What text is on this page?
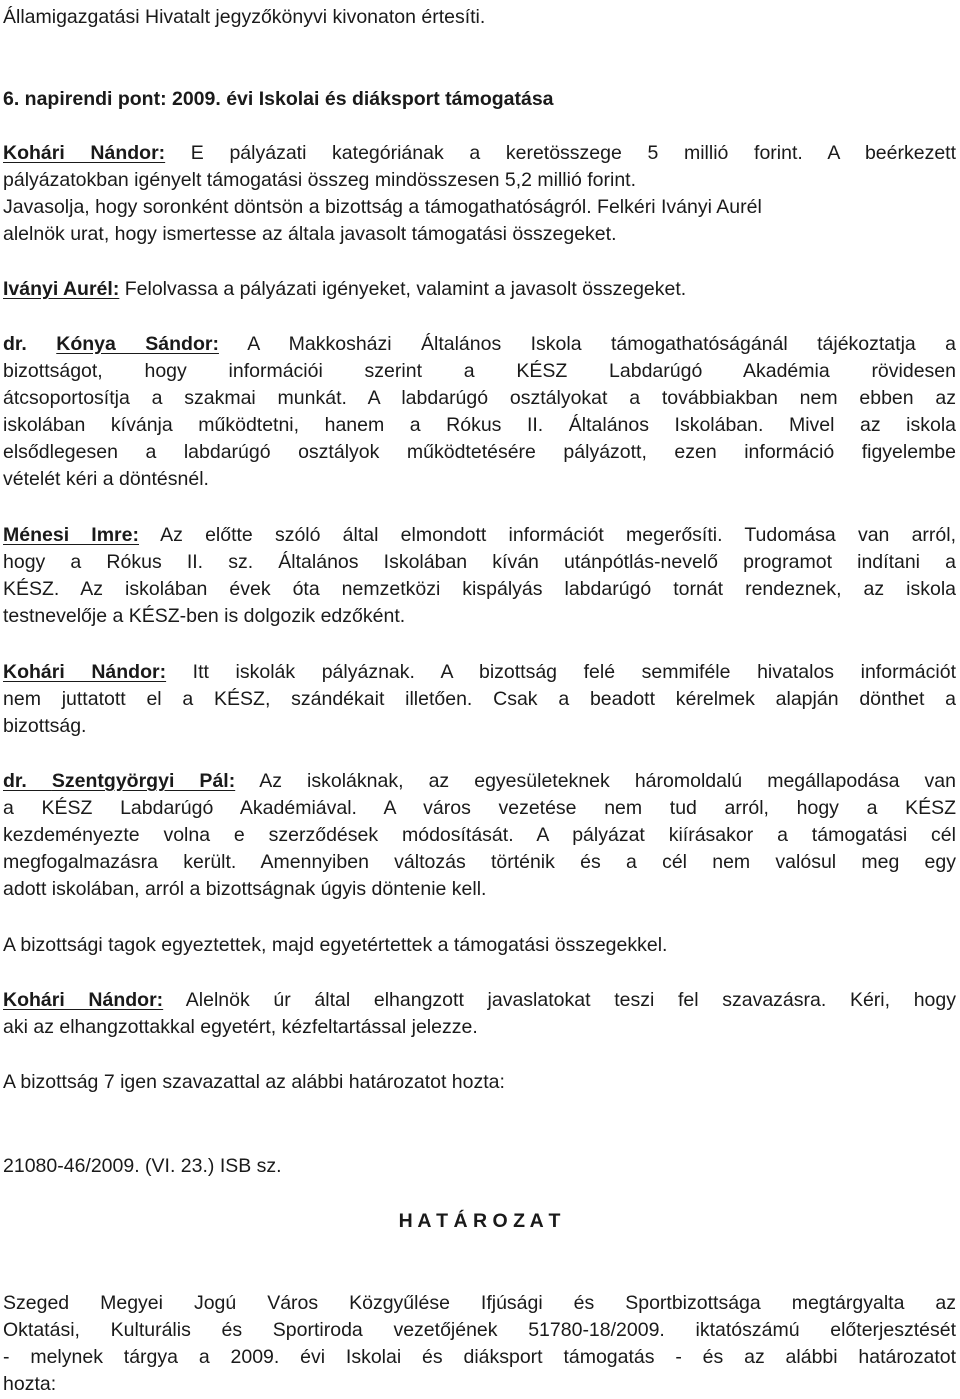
Államigazgatási Hivatalt jegyzőkönyvi kivonaton értesíti.
6. napirendi pont: 2009. évi Iskolai és diáksport támogatása
Kohári Nándor: E pályázati kategóriának a keretösszege 5 millió forint. A beérkezett
pályázatokban igényelt támogatási összeg mindösszesen 5,2 millió forint.
Javasolja, hogy soronként döntsön a bizottság a támogathatóságról. Felkéri Iványi Aurél
alelnök urat, hogy ismertesse az általa javasolt támogatási összegeket.
Iványi Aurél: Felolvassa a pályázati igényeket, valamint a javasolt összegeket.
dr. Kónya Sándor: A Makkosházi Általános Iskola támogathatóságánál tájékoztatja a
bizottságot, hogy információi szerint a KÉSZ Labdarúgó Akadémia rövidesen
átcsoportosítja a szakmai munkát. A labdarúgó osztályokat a továbbiakban nem ebben az
iskolában kívánja működtetni, hanem a Rókus II. Általános Iskolában. Mivel az iskola
elsődlegesen a labdarúgó osztályok működtetésére pályázott, ezen információ figyelembe
vételét kéri a döntésnél.
Ménesi Imre: Az előtte szóló által elmondott információt megerősíti. Tudomása van arról,
hogy a Rókus II. sz. Általános Iskolában kíván utánpótlás-nevelő programot indítani a
KÉSZ. Az iskolában évek óta nemzetközi kispályás labdarúgó tornát rendeznek, az iskola
testnevelője a KÉSZ-ben is dolgozik edzőként.
Kohári Nándor: Itt iskolák pályáznak. A bizottság felé semmiféle hivatalos információt
nem juttatott el a KÉSZ, szándékait illetően. Csak a beadott kérelmek alapján dönthet a
bizottság.
dr. Szentgyörgyi Pál: Az iskoláknak, az egyesületeknek háromoldalú megállapodása van
a KÉSZ Labdarúgó Akadémiával. A város vezetése nem tud arról, hogy a KÉSZ
kezdeményezte volna e szerződések módosítását. A pályázat kiírásakor a támogatási cél
megfogalmazásra került. Amennyiben változás történik és a cél nem valósul meg egy
adott iskolában, arról a bizottságnak úgyis döntenie kell.
A bizottsági tagok egyeztettek, majd egyetértettek a támogatási összegekkel.
Kohári Nándor: Alelnök úr által elhangzott javaslatokat teszi fel szavazásra. Kéri, hogy
aki az elhangzottakkal egyetért, kézfeltartással jelezze.
A bizottság 7 igen szavazattal az alábbi határozatot hozta:
21080-46/2009. (VI. 23.) ISB sz.
H A T Á R O Z A T
Szeged Megyei Jogú Város Közgyűlése Ifjúsági és Sportbizottsága megtárgyalta az
Oktatási, Kulturális és Sportiroda vezetőjének 51780-18/2009. iktatószámú előterjesztését
- melynek tárgya a 2009. évi Iskolai és diáksport támogatás - és az alábbi határozatot
hozta:
